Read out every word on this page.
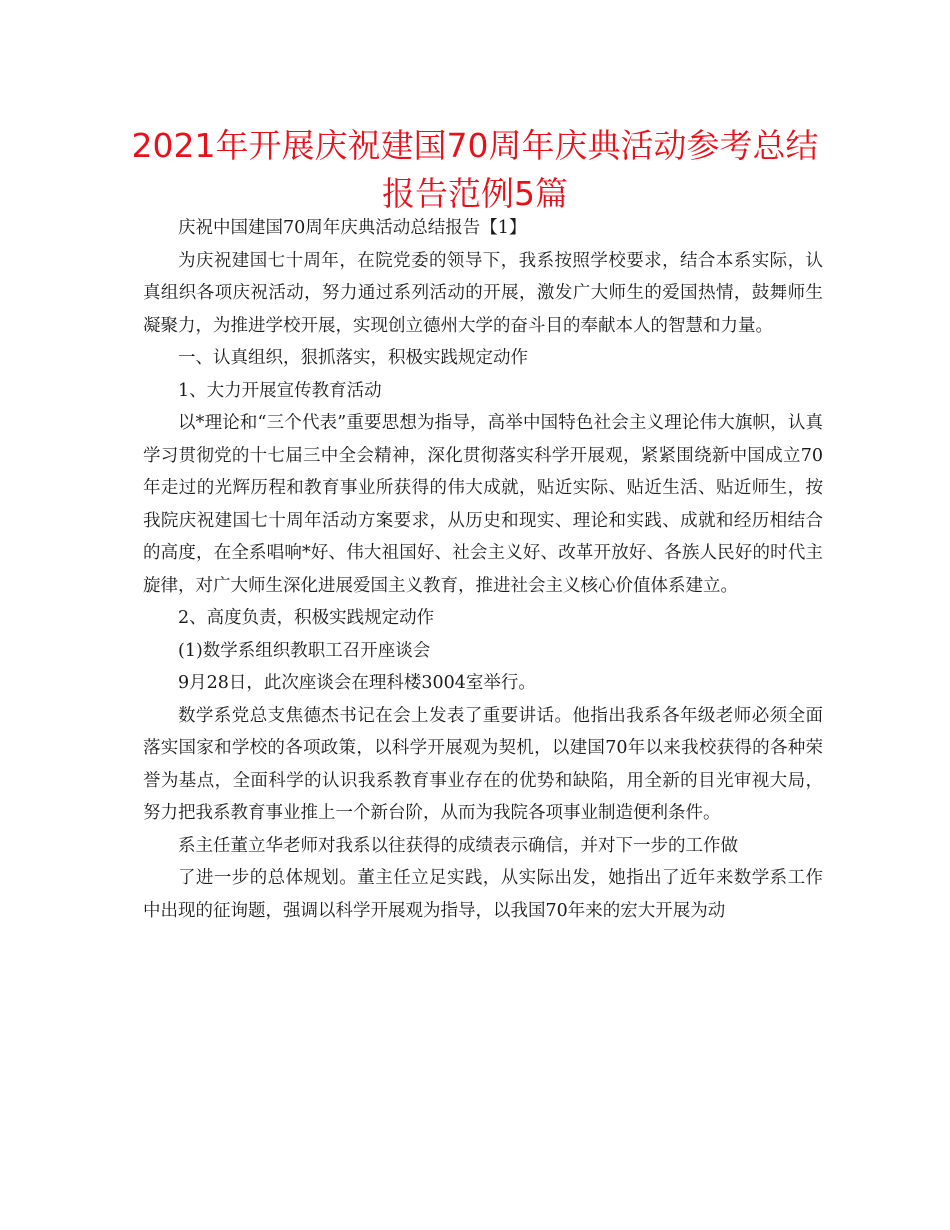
2021年开展庆祝建国70周年庆典活动参考总结
报告范例5篇

庆祝中国建国70周年庆典活动总结报告【1】

为庆祝建国七十周年，在院党委的领导下，我系按照学校要求，结合本系实际，认真组织各项庆祝活动，努力通过系列活动的开展，激发广大师生的爱国热情，鼓舞师生凝聚力，为推进学校开展，实现创立德州大学的奋斗目的奉献本人的智慧和力量。

一、认真组织，狠抓落实，积极实践规定动作

1、大力开展宣传教育活动

以*理论和“三个代表”重要思想为指导，高举中国特色社会主义理论伟大旗帜，认真学习贯彻党的十七届三中全会精神，深化贯彻落实科学开展观，紧紧围绕新中国成立70年走过的光辉历程和教育事业所获得的伟大成就，贴近实际、贴近生活、贴近师生，按我院庆祝建国七十周年活动方案要求，从历史和现实、理论和实践、成就和经历相结合的高度，在全系唱响*好、伟大祖国好、社会主义好、改革开放好、各族人民好的时代主旋律，对广大师生深化进展爱国主义教育，推进社会主义核心价值体系建立。

2、高度负责，积极实践规定动作

(1)数学系组织教职工召开座谈会

9月28日，此次座谈会在理科楼3004室举行。

数学系党总支焦德杰书记在会上发表了重要讲话。他指出我系各年级老师必须全面落实国家和学校的各项政策，以科学开展观为契机，以建国70年以来我校获得的各种荣誉为基点，全面科学的认识我系教育事业存在的优势和缺陷，用全新的目光审视大局，努力把我系教育事业推上一个新台阶，从而为我院各项事业制造便利条件。

系主任董立华老师对我系以往获得的成绩表示确信，并对下一步的工作做

了进一步的总体规划。董主任立足实践，从实际出发，她指出了近年来数学系工作中出现的征询题，强调以科学开展观为指导，以我国70年来的宏大开展为动
